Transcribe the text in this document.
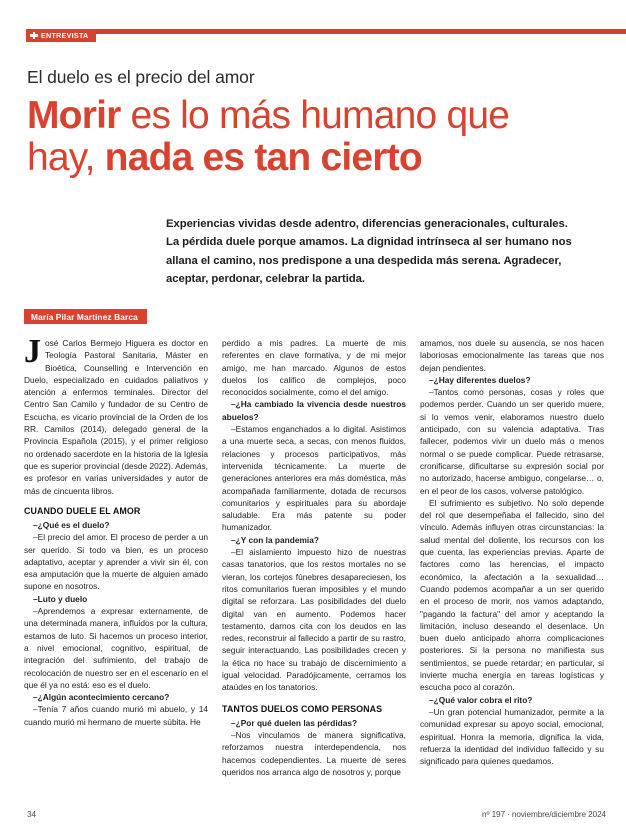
ENTREVISTA

El duelo es el precio del amor

Morir es lo más humano que
hay, nada es tan cierto
Experiencias vividas desde adentro, diferencias generacionales, culturales. La pérdida duele porque amamos. La dignidad intrínseca al ser humano nos allana el camino, nos predispone a una despedida más serena. Agradecer, aceptar, perdonar, celebrar la partida.
María Pilar Martínez Barca

José Carlos Bermejo Higuera es doctor en Teología Pastoral Sanitaria, Máster en Bioética, Counselling e Intervención en Duelo, especializado en cuidados paliativos y atención a enfermos terminales. Director del Centro San Camilo y fundador de su Centro de Escucha, es vicario provincial de la Orden de los RR. Camilos (2014), delegado general de la Provincia Española (2015), y el primer religioso no ordenado sacerdote en la historia de la Iglesia que es superior provincial (desde 2022). Además, es profesor en varias universidades y autor de más de cincuenta libros.

CUANDO DUELE EL AMOR

–¿Qué es el duelo?

–El precio del amor. El proceso de perder a un ser querido. Si todo va bien, es un proceso adaptativo, aceptar y aprender a vivir sin él, con esa amputación que la muerte de alguien amado supone en nosotros.

–Luto y duelo

–Aprendemos a expresar externamente, de una determinada manera, influidos por la cultura, estamos de luto. Si hacemos un proceso interior, a nivel emocional, cognitivo, espiritual, de integración del sufrimiento, del trabajo de recolocación de nuestro ser en el escenario en el que él ya no está: eso es el duelo.

–¿Algún acontecimiento cercano?

–Tenía 7 años cuando murió mi abuelo, y 14 cuando murió mi hermano de muerte súbita. He

perdido a mis padres. La muerte de mis referentes en clave formativa, y de mi mejor amigo, me han marcado. Algunos de estos duelos los califico de complejos, poco reconocidos socialmente, como el del amigo.

–¿Ha cambiado la vivencia desde nuestros abuelos?

–Estamos enganchados a lo digital. Asistimos a una muerte seca, a secas, con menos fluidos, relaciones y procesos participativos, más intervenida técnicamente. La muerte de generaciones anteriores era más doméstica, más acompañada familiarmente, dotada de recursos comunitarios y espirituales para su abordaje saludable. Era más patente su poder humanizador.

–¿Y con la pandemia?

–El aislamiento impuesto hizo de nuestras casas tanatorios, que los restos mortales no se vieran, los cortejos fúnebres desapareciesen, los ritos comunitarios fueran imposibles y el mundo digital se reforzara. Las posibilidades del duelo digital van en aumento. Podemos hacer testamento, darnos cita con los deudos en las redes, reconstruir al fallecido a partir de su rastro, seguir interactuando. Las posibilidades crecen y la ética no hace su trabajo de discernimiento a igual velocidad. Paradójicamente, cerramos los ataúdes en los tanatorios.

TANTOS DUELOS COMO PERSONAS

–¿Por qué duelen las pérdidas?

–Nos vinculamos de manera significativa, reforzamos nuestra interdependencia, nos hacemos codependientes. La muerte de seres queridos nos arranca algo de nosotros y, porque

amamos, nos duele su ausencia, se nos hacen laboriosas emocionalmente las tareas que nos dejan pendientes.

–¿Hay diferentes duelos?

–Tantos como personas, cosas y roles que podemos perder. Cuando un ser querido muere, si lo vemos venir, elaboramos nuestro duelo anticipado, con su valencia adaptativa. Tras fallecer, podemos vivir un duelo más o menos normal o se puede complicar. Puede retrasarse, cronificarse, dificultarse su expresión social por no autorizado, hacerse ambiguo, congelarse… o, en el peor de los casos, volverse patológico.

El sufrimiento es subjetivo. No solo depende del rol que desempeñaba el fallecido, sino del vínculo. Además influyen otras circunstancias: la salud mental del doliente, los recursos con los que cuenta, las experiencias previas. Aparte de factores como las herencias, el impacto económico, la afectación a la sexualidad… Cuando podemos acompañar a un ser querido en el proceso de morir, nos vamos adaptando, "pagando la factura" del amor y aceptando la limitación, incluso deseando el desenlace. Un buen duelo anticipado ahorra complicaciones posteriores. Si la persona no manifiesta sus sentimientos, se puede retardar; en particular, si invierte mucha energía en tareas logísticas y escucha poco al corazón.

–¿Qué valor cobra el rito?

–Un gran potencial humanizador, permite a la comunidad expresar su apoyo social, emocional, espiritual. Honra la memoria, dignifica la vida, refuerza la identidad del individuo fallecido y su significado para quienes quedamos.

34	nº 197 · noviembre/diciembre 2024
